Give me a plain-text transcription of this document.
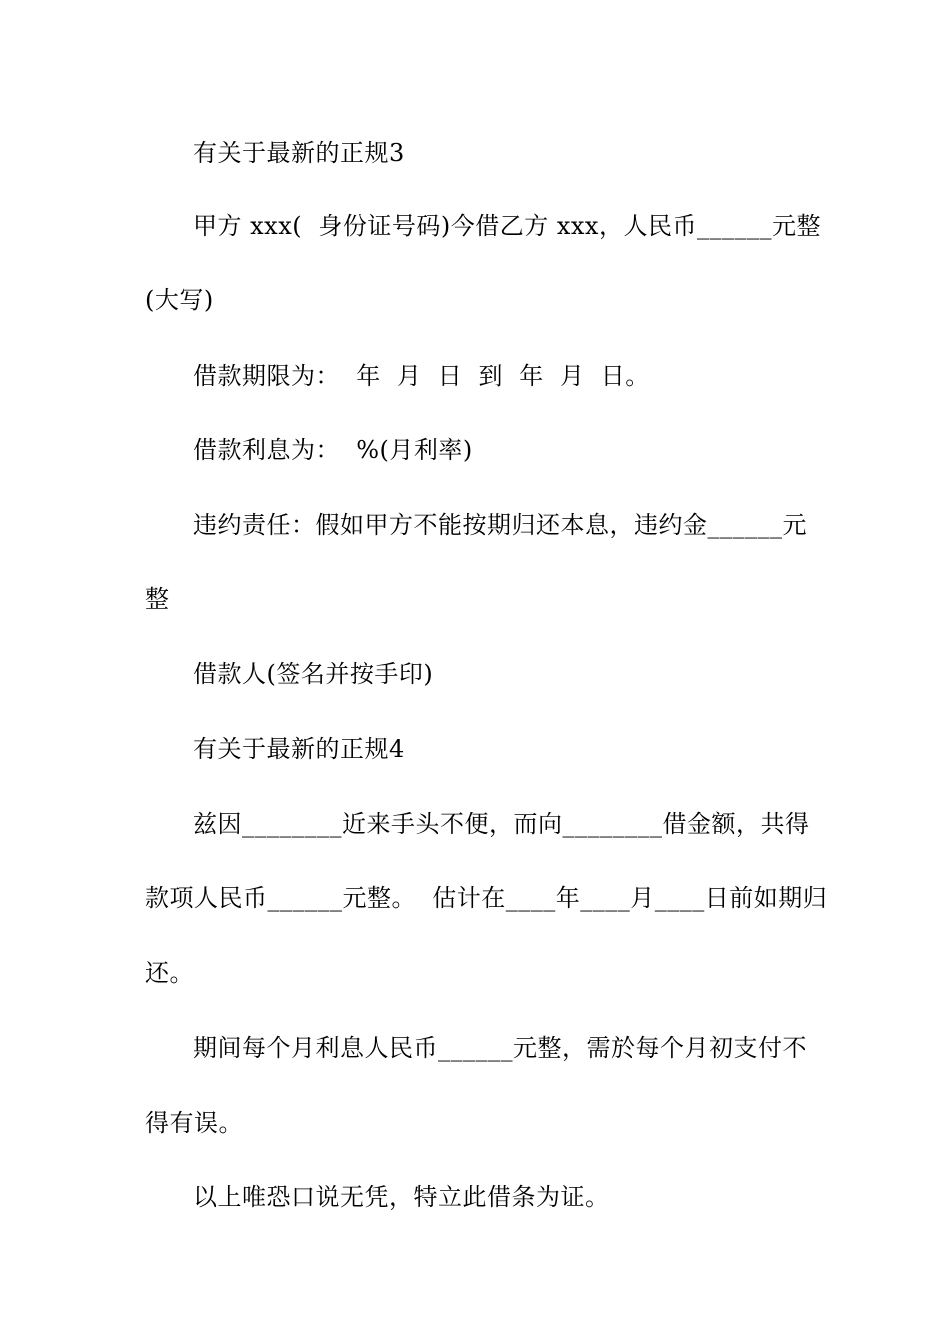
有关于最新的正规3
甲方 xxx(  身份证号码)今借乙方 xxx，人民币______元整
(大写)
借款期限为：  年  月  日  到  年  月  日。
借款利息为：  %(月利率)
违约责任：假如甲方不能按期归还本息，违约金______元
整
借款人(签名并按手印)
有关于最新的正规4
兹因________近来手头不便，而向________借金额，共得
款项人民币______元整。  估计在____年____月____日前如期归
还。
期间每个月利息人民币______元整，需於每个月初支付不
得有误。
以上唯恐口说无凭，特立此借条为证。
